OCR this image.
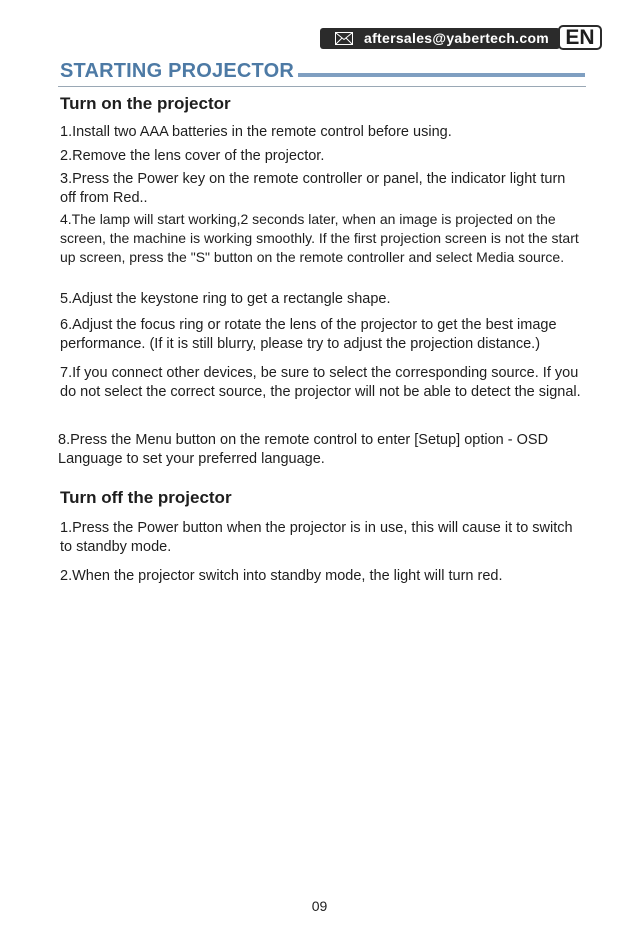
aftersales@yabertech.com EN
STARTING PROJECTOR
Turn on the projector
1.Install two AAA batteries in the remote control before using.
2.Remove the lens cover of the projector.
3.Press the Power key on the remote controller or panel, the indicator light turn off from Red..
4.The lamp will start working,2 seconds later, when an image is projected on the screen, the machine is working smoothly. If the first projection screen is not the start up screen, press the "S" button on the remote controller and select Media source.
5.Adjust the keystone ring to get a rectangle shape.
6.Adjust the focus ring or rotate the lens of the projector to get the best image performance. (If it is still blurry, please try to adjust the projection distance.)
7.If you connect other devices, be sure to select the corresponding source. If you do not select the correct source, the projector will not be able to detect the signal.
8.Press the Menu button on the remote control to enter [Setup] option - OSD Language to set your preferred language.
Turn off the projector
1.Press the Power button when the projector is in use, this will cause it to switch to standby mode.
2.When the projector switch into standby mode, the light will turn red.
09
